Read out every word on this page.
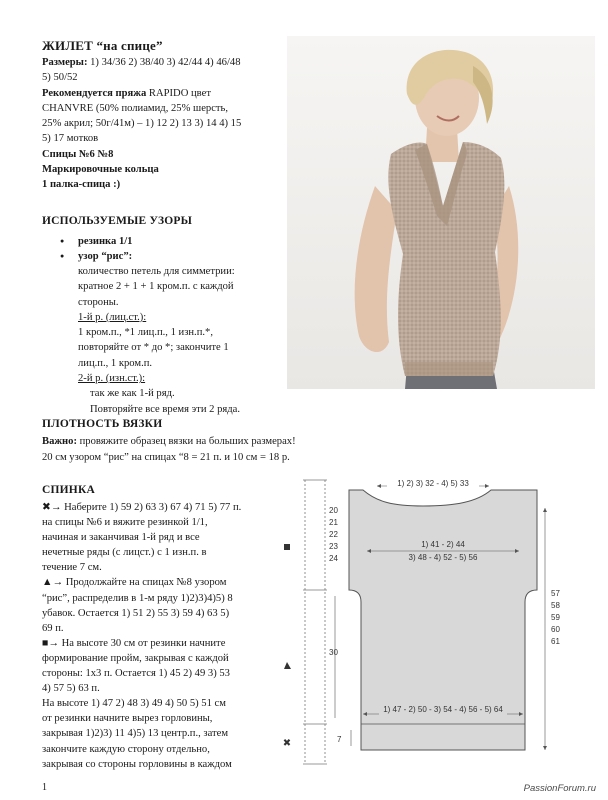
ЖИЛЕТ “на спице”

Размеры: 1) 34/36 2) 38/40 3) 42/44 4) 46/48

5) 50/52

Рекомендуется пряжа RAPIDO цвет

CHANVRE (50% полиамид, 25% шерсть,

25% акрил; 50г/41м) – 1) 12 2) 13 3) 14 4) 15

5) 17 мотков

Спицы №6 №8

Маркировочные кольца

1 палка-спица :)

ИСПОЛЬЗУЕМЫЕ УЗОРЫ
● резинка 1/1
● узор “рис”:

количество петель для симметрии:

кратное 2 + 1 + 1 кром.п. с каждой

стороны.

1-й р. (лиц.ст.):

1 кром.п., *1 лиц.п., 1 изн.п.*,

повторяйте от * до *; закончите 1

лиц.п., 1 кром.п.

2-й р. (изн.ст.):

так же как 1-й ряд.

Повторяйте все время эти 2 ряда.

ПЛОТНОСТЬ ВЯЗКИ
Важно: провяжите образец вязки на больших размерах!
20 см узором “рис” на спицах “8 = 21 п. и 10 см = 18 р.
СПИНКА

✖→ Наберите 1) 59 2) 63 3) 67 4) 71 5) 77 п.

на спицы №6 и вяжите резинкой 1/1,

начиная и заканчивая 1-й ряд и все

нечетные ряды (с лицст.) с 1 изн.п. в

течение 7 см.

▲→ Продолжайте на спицах №8 узором

“рис”, распределив в 1-м ряду 1)2)3)4)5) 8

убавок. Остается 1) 51 2) 55 3) 59 4) 63 5)

69 п.

■→ На высоте 30 см от резинки начните

формирование пройм, закрывая с каждой

стороны: 1х3 п. Остается 1) 45 2) 49 3) 53

4) 57 5) 63 п.

На высоте 1) 47 2) 48 3) 49 4) 50 5) 51 см

от резинки начните вырез горловины,

закрывая 1)2)3) 11 4)5) 13 центр.п., затем

закончите каждую сторону отдельно,

закрывая со стороны горловины в каждом

✖
20
21
22
23
24
30
7
1) 2) 3) 32 - 4) 5) 33
1) 41 - 2) 44
3) 48 - 4) 52 - 5) 56
1) 47 - 2) 50 - 3) 54 - 4) 56 - 5) 64
57
58
59
60
61
1	PassionForum.ru
